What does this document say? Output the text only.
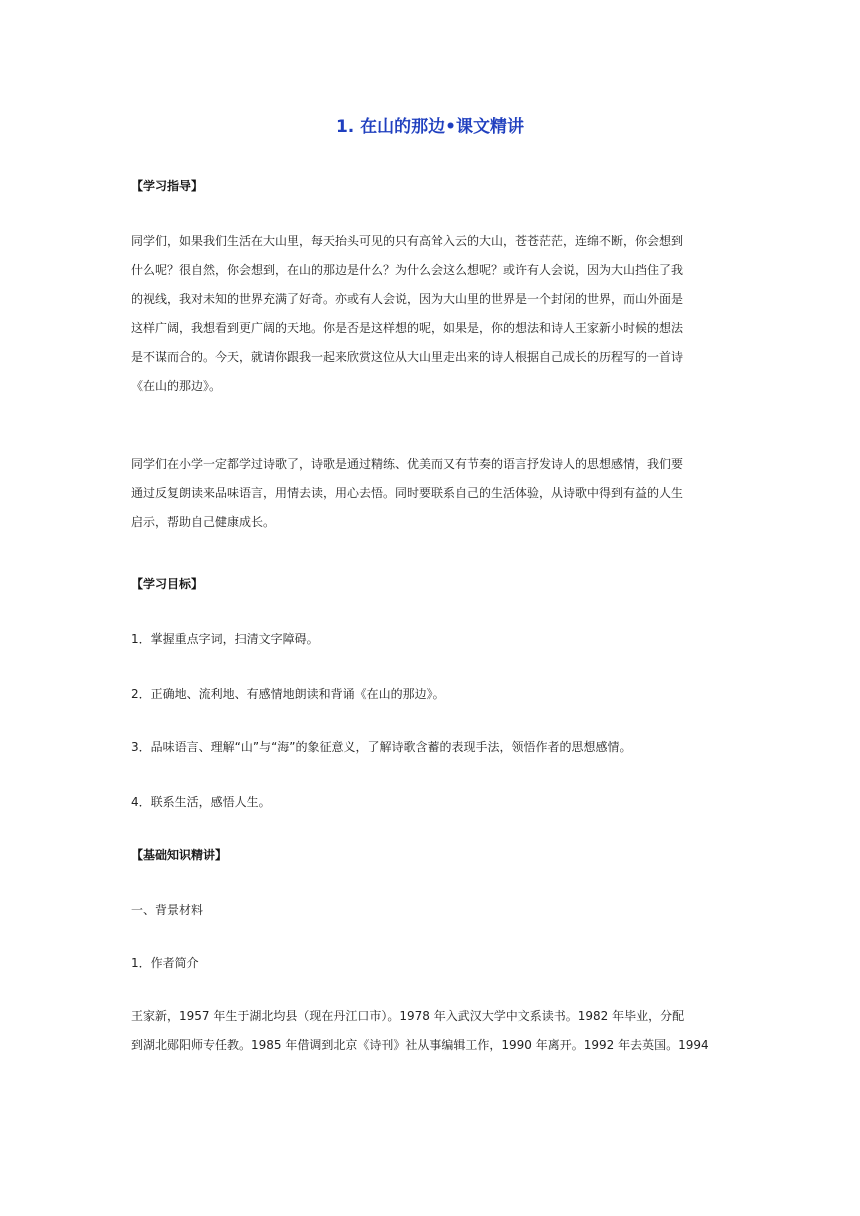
1. 在山的那边•课文精讲
【学习指导】
同学们，如果我们生活在大山里，每天抬头可见的只有高耸入云的大山，苍苍茫茫，连绵不断，你会想到
什么呢？很自然，你会想到，在山的那边是什么？为什么会这么想呢？或许有人会说，因为大山挡住了我
的视线，我对未知的世界充满了好奇。亦或有人会说，因为大山里的世界是一个封闭的世界，而山外面是
这样广阔，我想看到更广阔的天地。你是否是这样想的呢，如果是，你的想法和诗人王家新小时候的想法
是不谋而合的。今天，就请你跟我一起来欣赏这位从大山里走出来的诗人根据自己成长的历程写的一首诗
《在山的那边》。
同学们在小学一定都学过诗歌了，诗歌是通过精练、优美而又有节奏的语言抒发诗人的思想感情，我们要
通过反复朗读来品味语言，用情去读，用心去悟。同时要联系自己的生活体验，从诗歌中得到有益的人生
启示，帮助自己健康成长。
【学习目标】
1．掌握重点字词，扫清文字障碍。
2．正确地、流利地、有感情地朗读和背诵《在山的那边》。
3．品味语言、理解“山”与“海”的象征意义，了解诗歌含蓄的表现手法，领悟作者的思想感情。
4．联系生活，感悟人生。
【基础知识精讲】
一、背景材料
1．作者简介
王家新，1957 年生于湖北均县（现在丹江口市）。1978 年入武汉大学中文系读书。1982 年毕业，分配
到湖北郧阳师专任教。1985 年借调到北京《诗刊》社从事编辑工作，1990 年离开。1992 年去英国。1994
